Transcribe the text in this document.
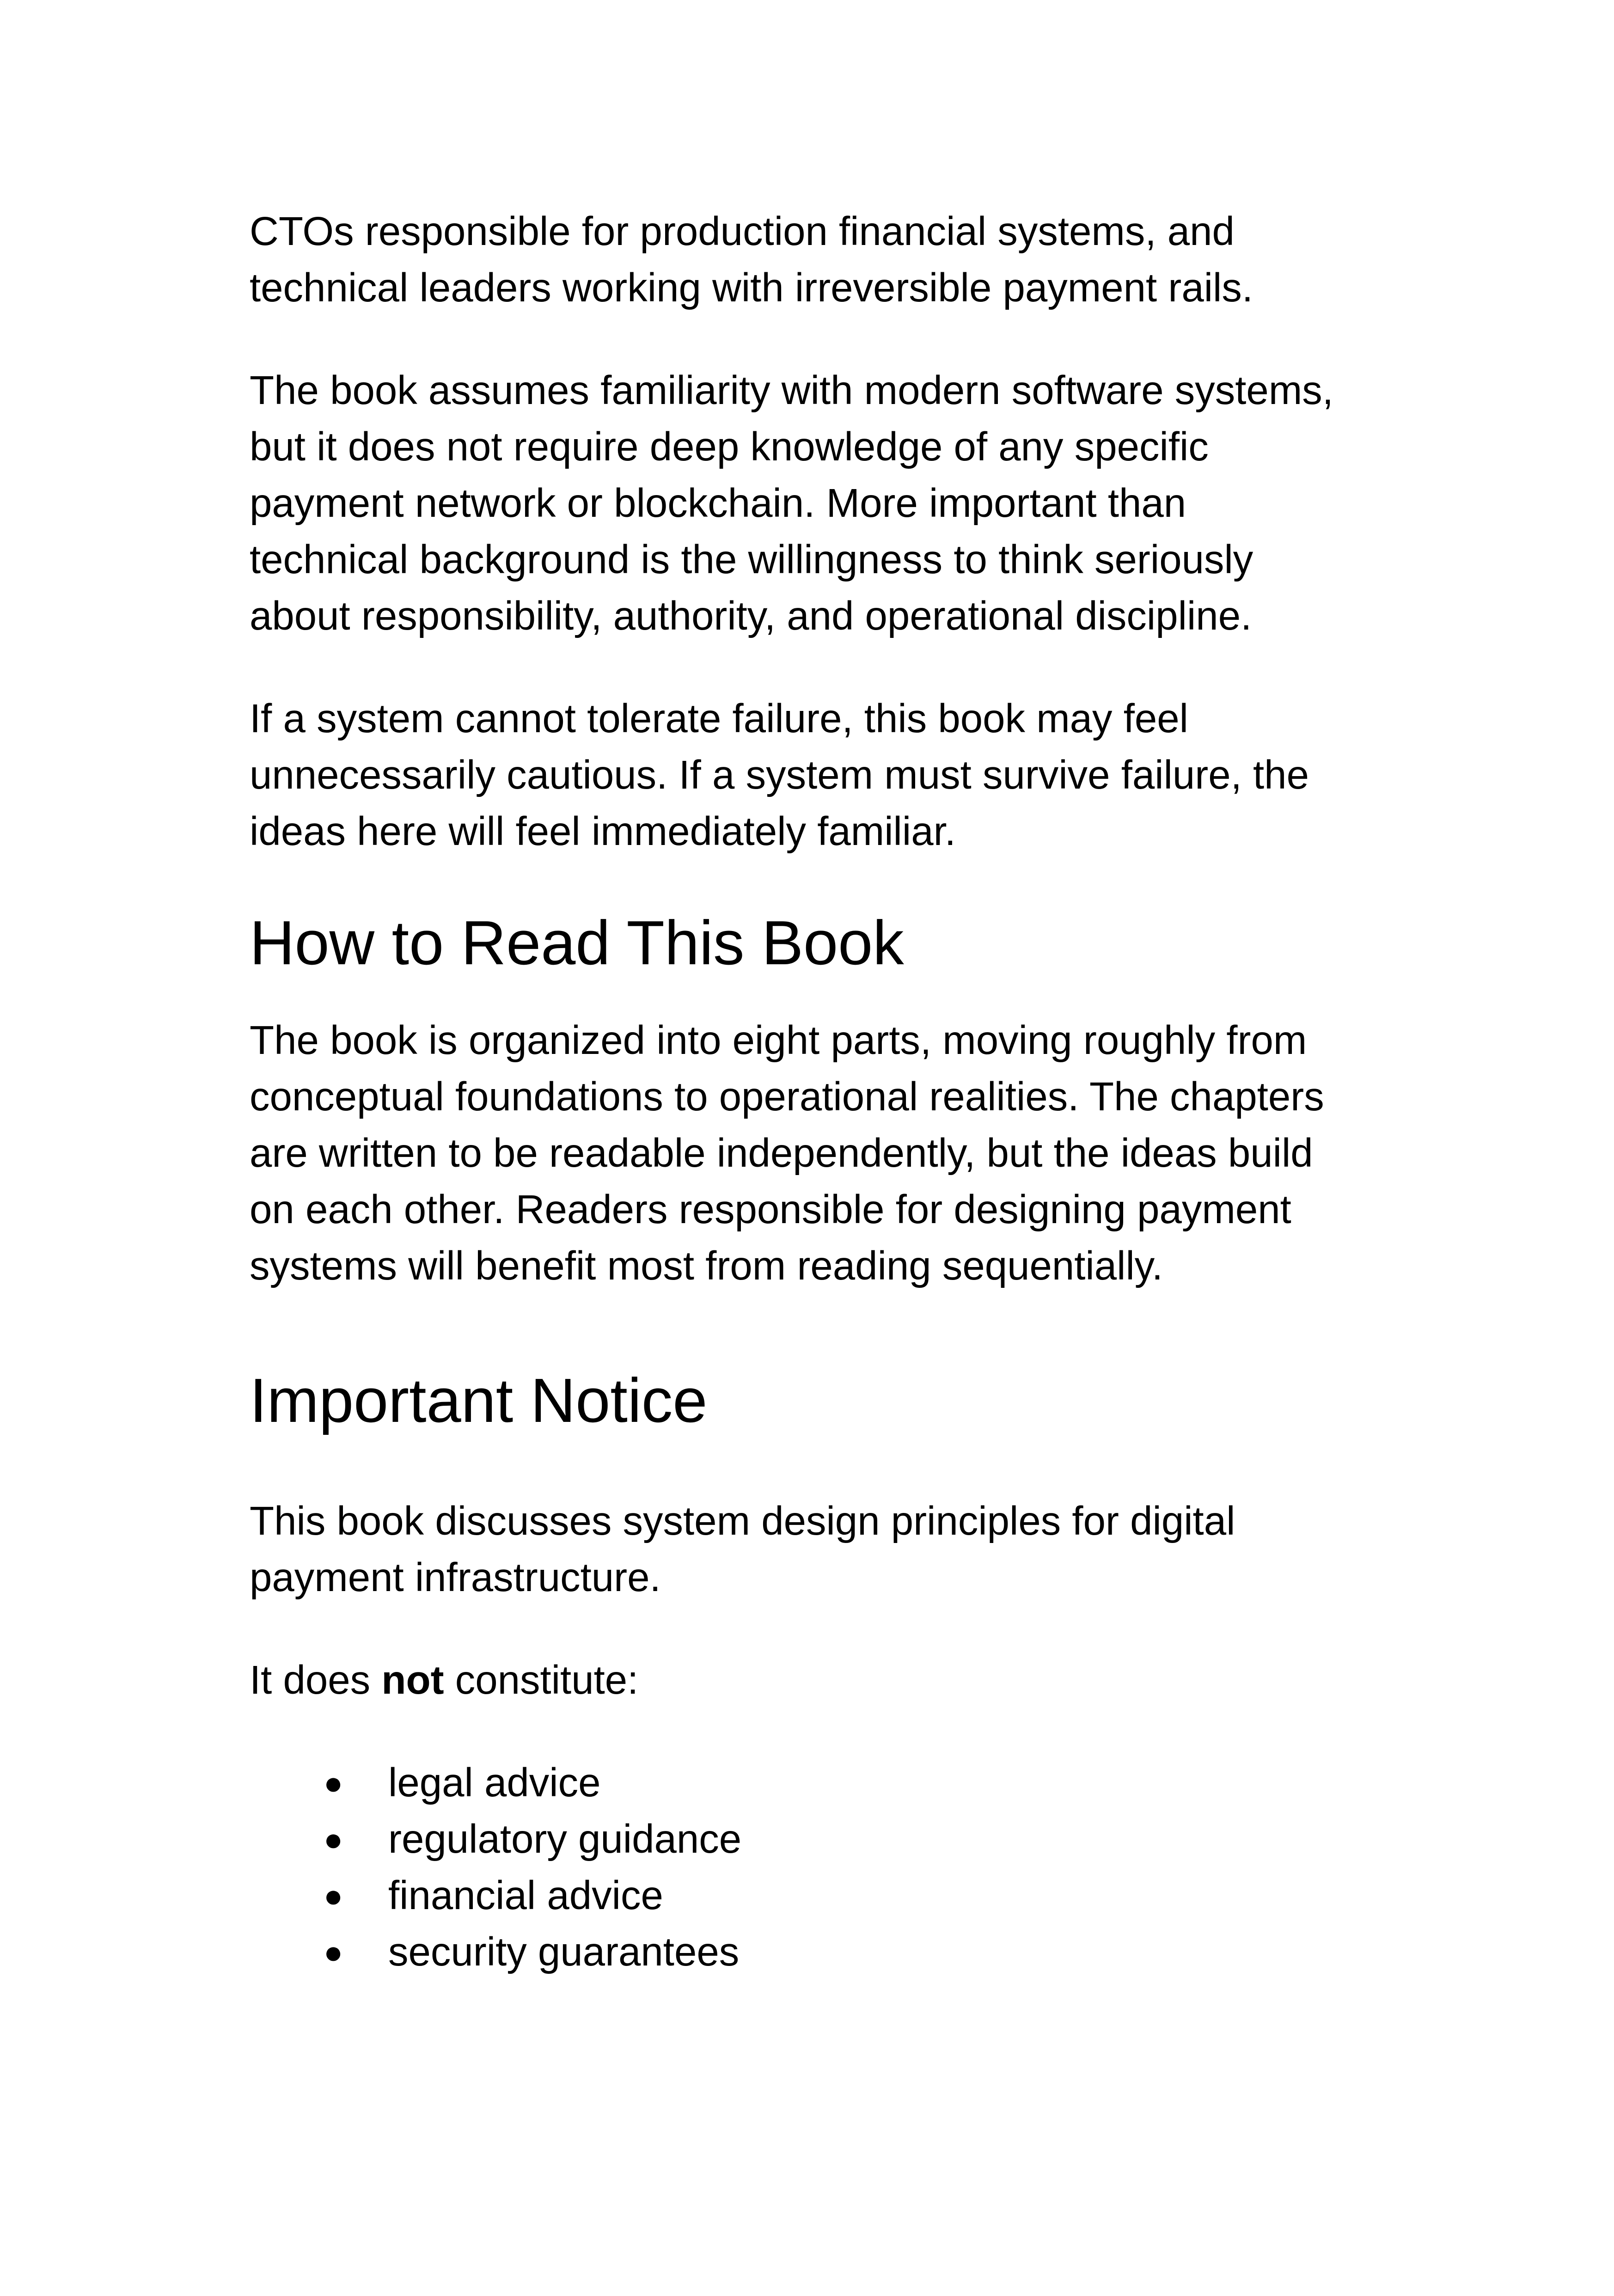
CTOs responsible for production financial systems, and
technical leaders working with irreversible payment rails.

The book assumes familiarity with modern software systems,
but it does not require deep knowledge of any specific
payment network or blockchain. More important than
technical background is the willingness to think seriously
about responsibility, authority, and operational discipline.

If a system cannot tolerate failure, this book may feel
unnecessarily cautious. If a system must survive failure, the
ideas here will feel immediately familiar.

How to Read This Book

The book is organized into eight parts, moving roughly from
conceptual foundations to operational realities. The chapters
are written to be readable independently, but the ideas build
on each other. Readers responsible for designing payment
systems will benefit most from reading sequentially.

Important Notice

This book discusses system design principles for digital
payment infrastructure.

It does not constitute:

● legal advice
● regulatory guidance
● financial advice
● security guarantees
